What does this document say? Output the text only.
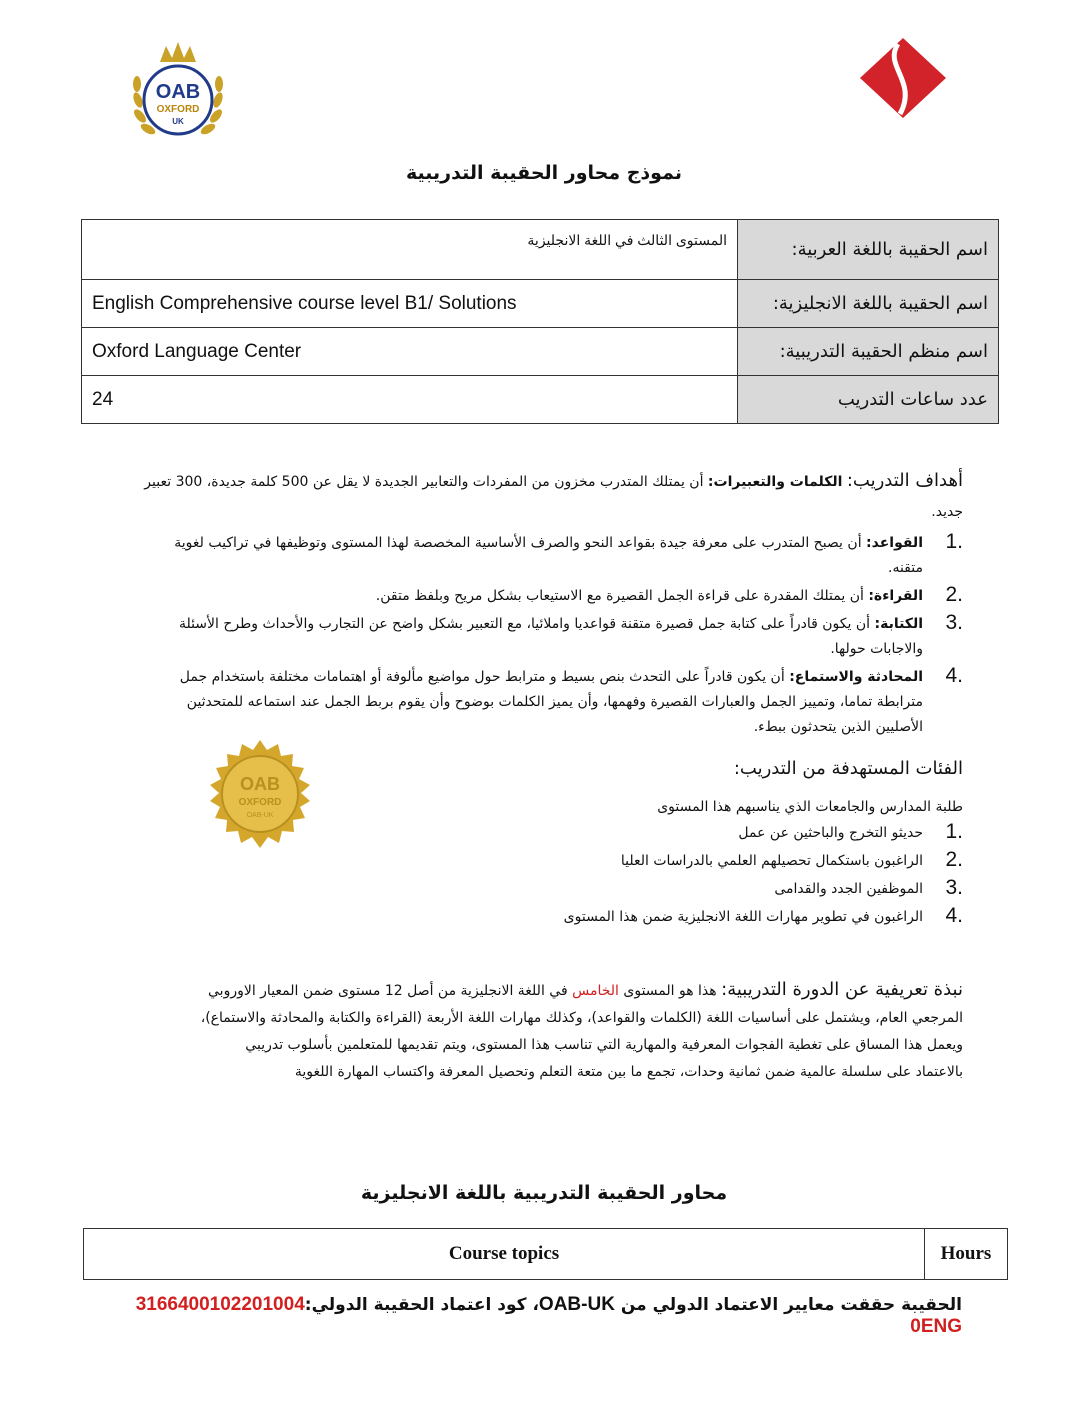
OAB
OXFORD
UK
نموذج محاور الحقيبة التدريبية
المستوى الثالث في اللغة الانجليزية	اسم الحقيبة باللغة العربية:
English Comprehensive course level B1/ Solutions	اسم الحقيبة باللغة الانجليزية:
Oxford Language Center	اسم منظم الحقيبة التدريبية:
24	عدد ساعات التدريب
أهداف التدريب: الكلمات والتعبيرات: أن يمتلك المتدرب مخزون من المفردات والتعابير الجديدة لا يقل عن 500 كلمة جديدة، 300 تعبير جديد.
1.
القواعد: أن يصبح المتدرب على معرفة جيدة بقواعد النحو والصرف الأساسية المخصصة لهذا المستوى وتوظيفها في تراكيب لغوية متقنه.
2.
القراءة: أن يمتلك المقدرة على قراءة الجمل القصيرة مع الاستيعاب بشكل مريح وبلفظ متقن.
3.
الكتابة: أن يكون قادراً على كتابة جمل قصيرة متقنة قواعديا واملائيا، مع التعبير بشكل واضح عن التجارب والأحداث وطرح الأسئلة والاجابات حولها.
4.
المحادثة والاستماع: أن يكون قادراً على التحدث بنص بسيط و مترابط حول مواضيع مألوفة أو اهتمامات مختلفة باستخدام جمل مترابطة تماما، وتمييز الجمل والعبارات القصيرة وفهمها، وأن يميز الكلمات بوضوح وأن يقوم بربط الجمل عند استماعه للمتحدثين الأصليين الذين يتحدثون ببطء.
OAB
OXFORD
OAB-UK
الفئات المستهدفة من التدريب:
طلبة المدارس والجامعات الذي يناسبهم هذا المستوى
1.
حديثو التخرج والباحثين عن عمل
2.
الراغبون باستكمال تحصيلهم العلمي بالدراسات العليا
3.
الموظفين الجدد والقدامى
4.
الراغبون في تطوير مهارات اللغة الانجليزية ضمن هذا المستوى
نبذة تعريفية عن الدورة التدريبية: هذا هو المستوى الخامس في اللغة الانجليزية من أصل 12 مستوى ضمن المعيار الاوروبي المرجعي العام، ويشتمل على أساسيات اللغة (الكلمات والقواعد)، وكذلك مهارات اللغة الأربعة (القراءة والكتابة والمحادثة والاستماع)، ويعمل هذا المساق على تغطية الفجوات المعرفية والمهارية التي تناسب هذا المستوى، ويتم تقديمها للمتعلمين بأسلوب تدريبي بالاعتماد على سلسلة عالمية ضمن ثمانية وحدات، تجمع ما بين متعة التعلم وتحصيل المعرفة واكتساب المهارة اللغوية
محاور الحقيبة التدريبية باللغة الانجليزية
Course topics	Hours
الحقيبة حققت معايير الاعتماد الدولي من OAB-UK، كود اعتماد الحقيبة الدولي:3166400102201004​0ENG
